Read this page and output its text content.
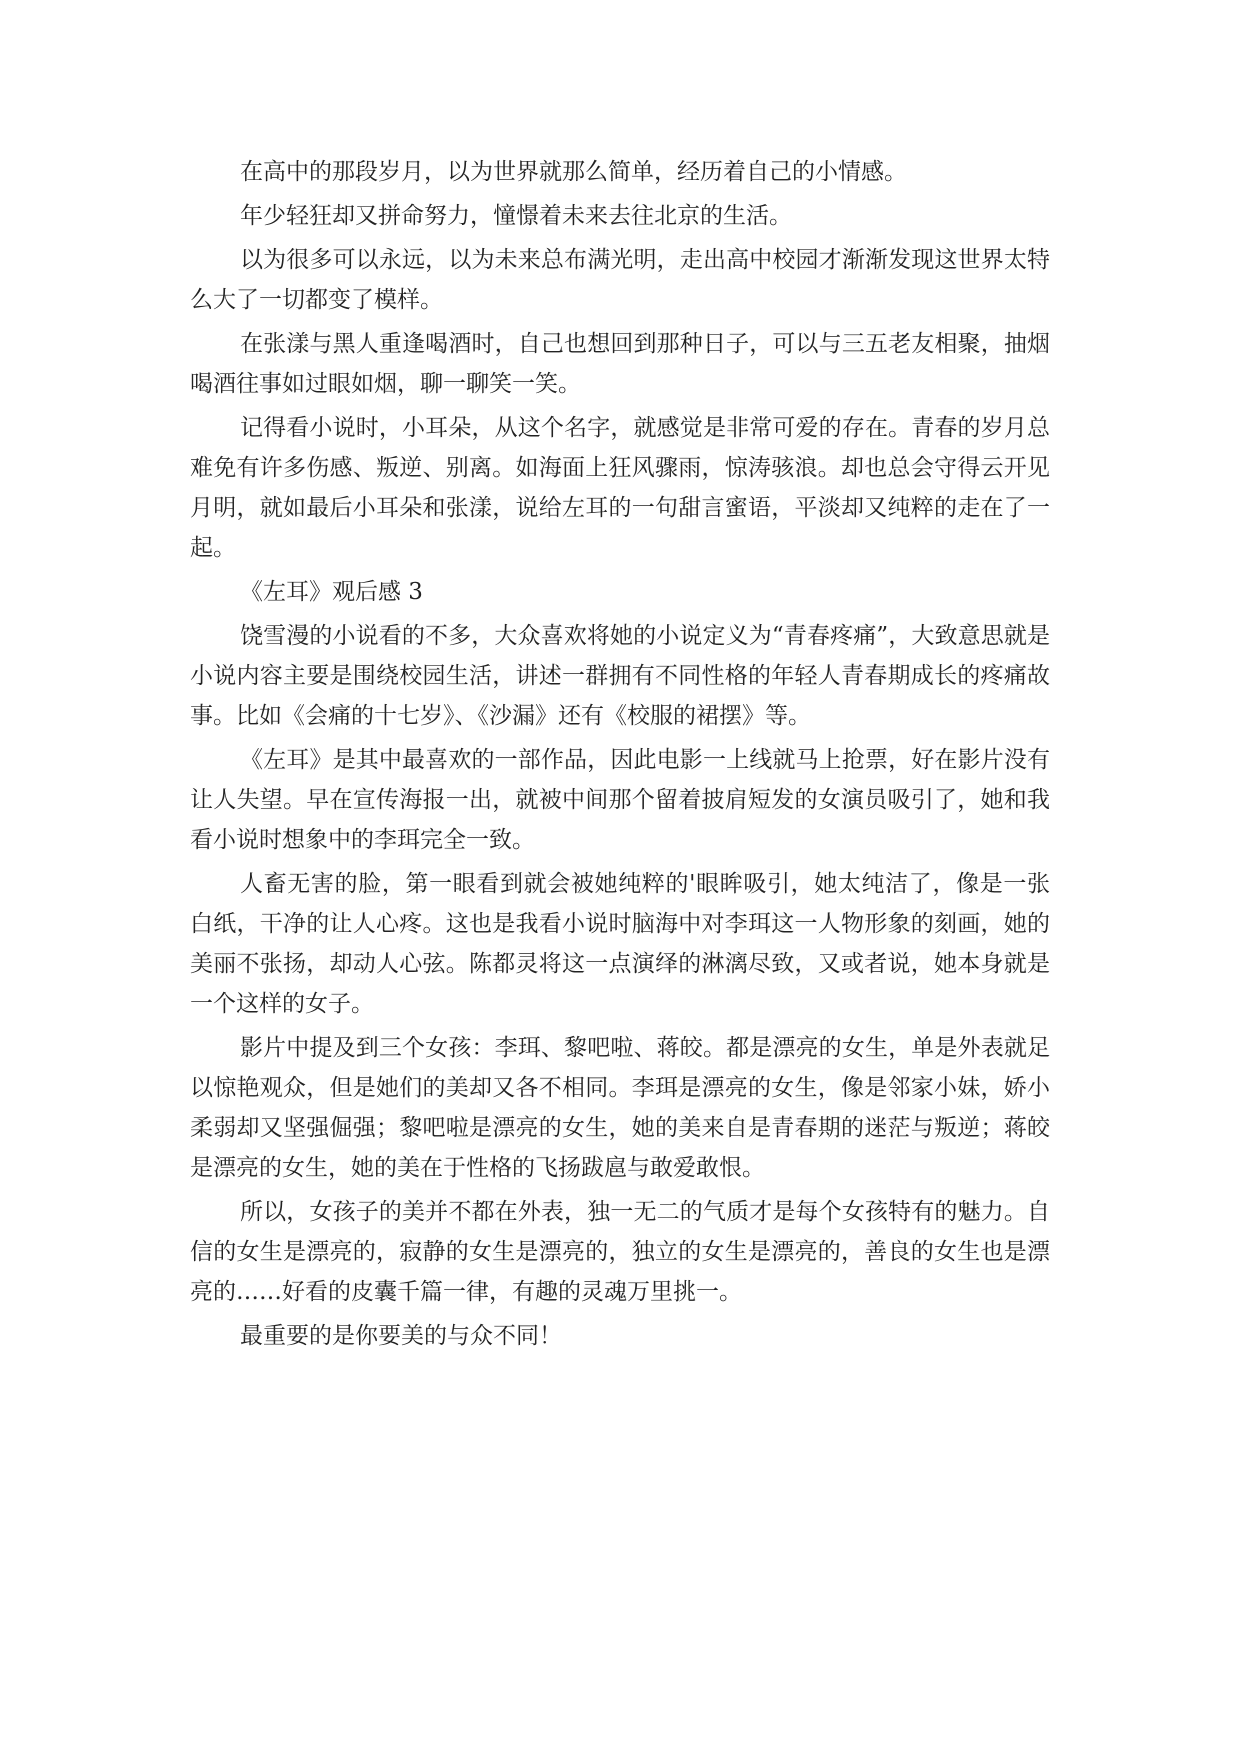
在高中的那段岁月，以为世界就那么简单，经历着自己的小情感。

年少轻狂却又拼命努力，憧憬着未来去往北京的生活。

以为很多可以永远，以为未来总布满光明，走出高中校园才渐渐发现这世界太特么大了一切都变了模样。

在张漾与黑人重逢喝酒时，自己也想回到那种日子，可以与三五老友相聚，抽烟喝酒往事如过眼如烟，聊一聊笑一笑。

记得看小说时，小耳朵，从这个名字，就感觉是非常可爱的存在。青春的岁月总难免有许多伤感、叛逆、别离。如海面上狂风骤雨，惊涛骇浪。却也总会守得云开见月明，就如最后小耳朵和张漾，说给左耳的一句甜言蜜语，平淡却又纯粹的走在了一起。

《左耳》观后感 3

饶雪漫的小说看的不多，大众喜欢将她的小说定义为“青春疼痛”，大致意思就是小说内容主要是围绕校园生活，讲述一群拥有不同性格的年轻人青春期成长的疼痛故事。比如《会痛的十七岁》、《沙漏》还有《校服的裙摆》等。

《左耳》是其中最喜欢的一部作品，因此电影一上线就马上抢票，好在影片没有让人失望。早在宣传海报一出，就被中间那个留着披肩短发的女演员吸引了，她和我看小说时想象中的李珥完全一致。

人畜无害的脸，第一眼看到就会被她纯粹的'眼眸吸引，她太纯洁了，像是一张白纸，干净的让人心疼。这也是我看小说时脑海中对李珥这一人物形象的刻画，她的美丽不张扬，却动人心弦。陈都灵将这一点演绎的淋漓尽致，又或者说，她本身就是一个这样的女子。

影片中提及到三个女孩：李珥、黎吧啦、蒋皎。都是漂亮的女生，单是外表就足以惊艳观众，但是她们的美却又各不相同。李珥是漂亮的女生，像是邻家小妹，娇小柔弱却又坚强倔强；黎吧啦是漂亮的女生，她的美来自是青春期的迷茫与叛逆；蒋皎是漂亮的女生，她的美在于性格的飞扬跋扈与敢爱敢恨。

所以，女孩子的美并不都在外表，独一无二的气质才是每个女孩特有的魅力。自信的女生是漂亮的，寂静的女生是漂亮的，独立的女生是漂亮的，善良的女生也是漂亮的……好看的皮囊千篇一律，有趣的灵魂万里挑一。

最重要的是你要美的与众不同！
